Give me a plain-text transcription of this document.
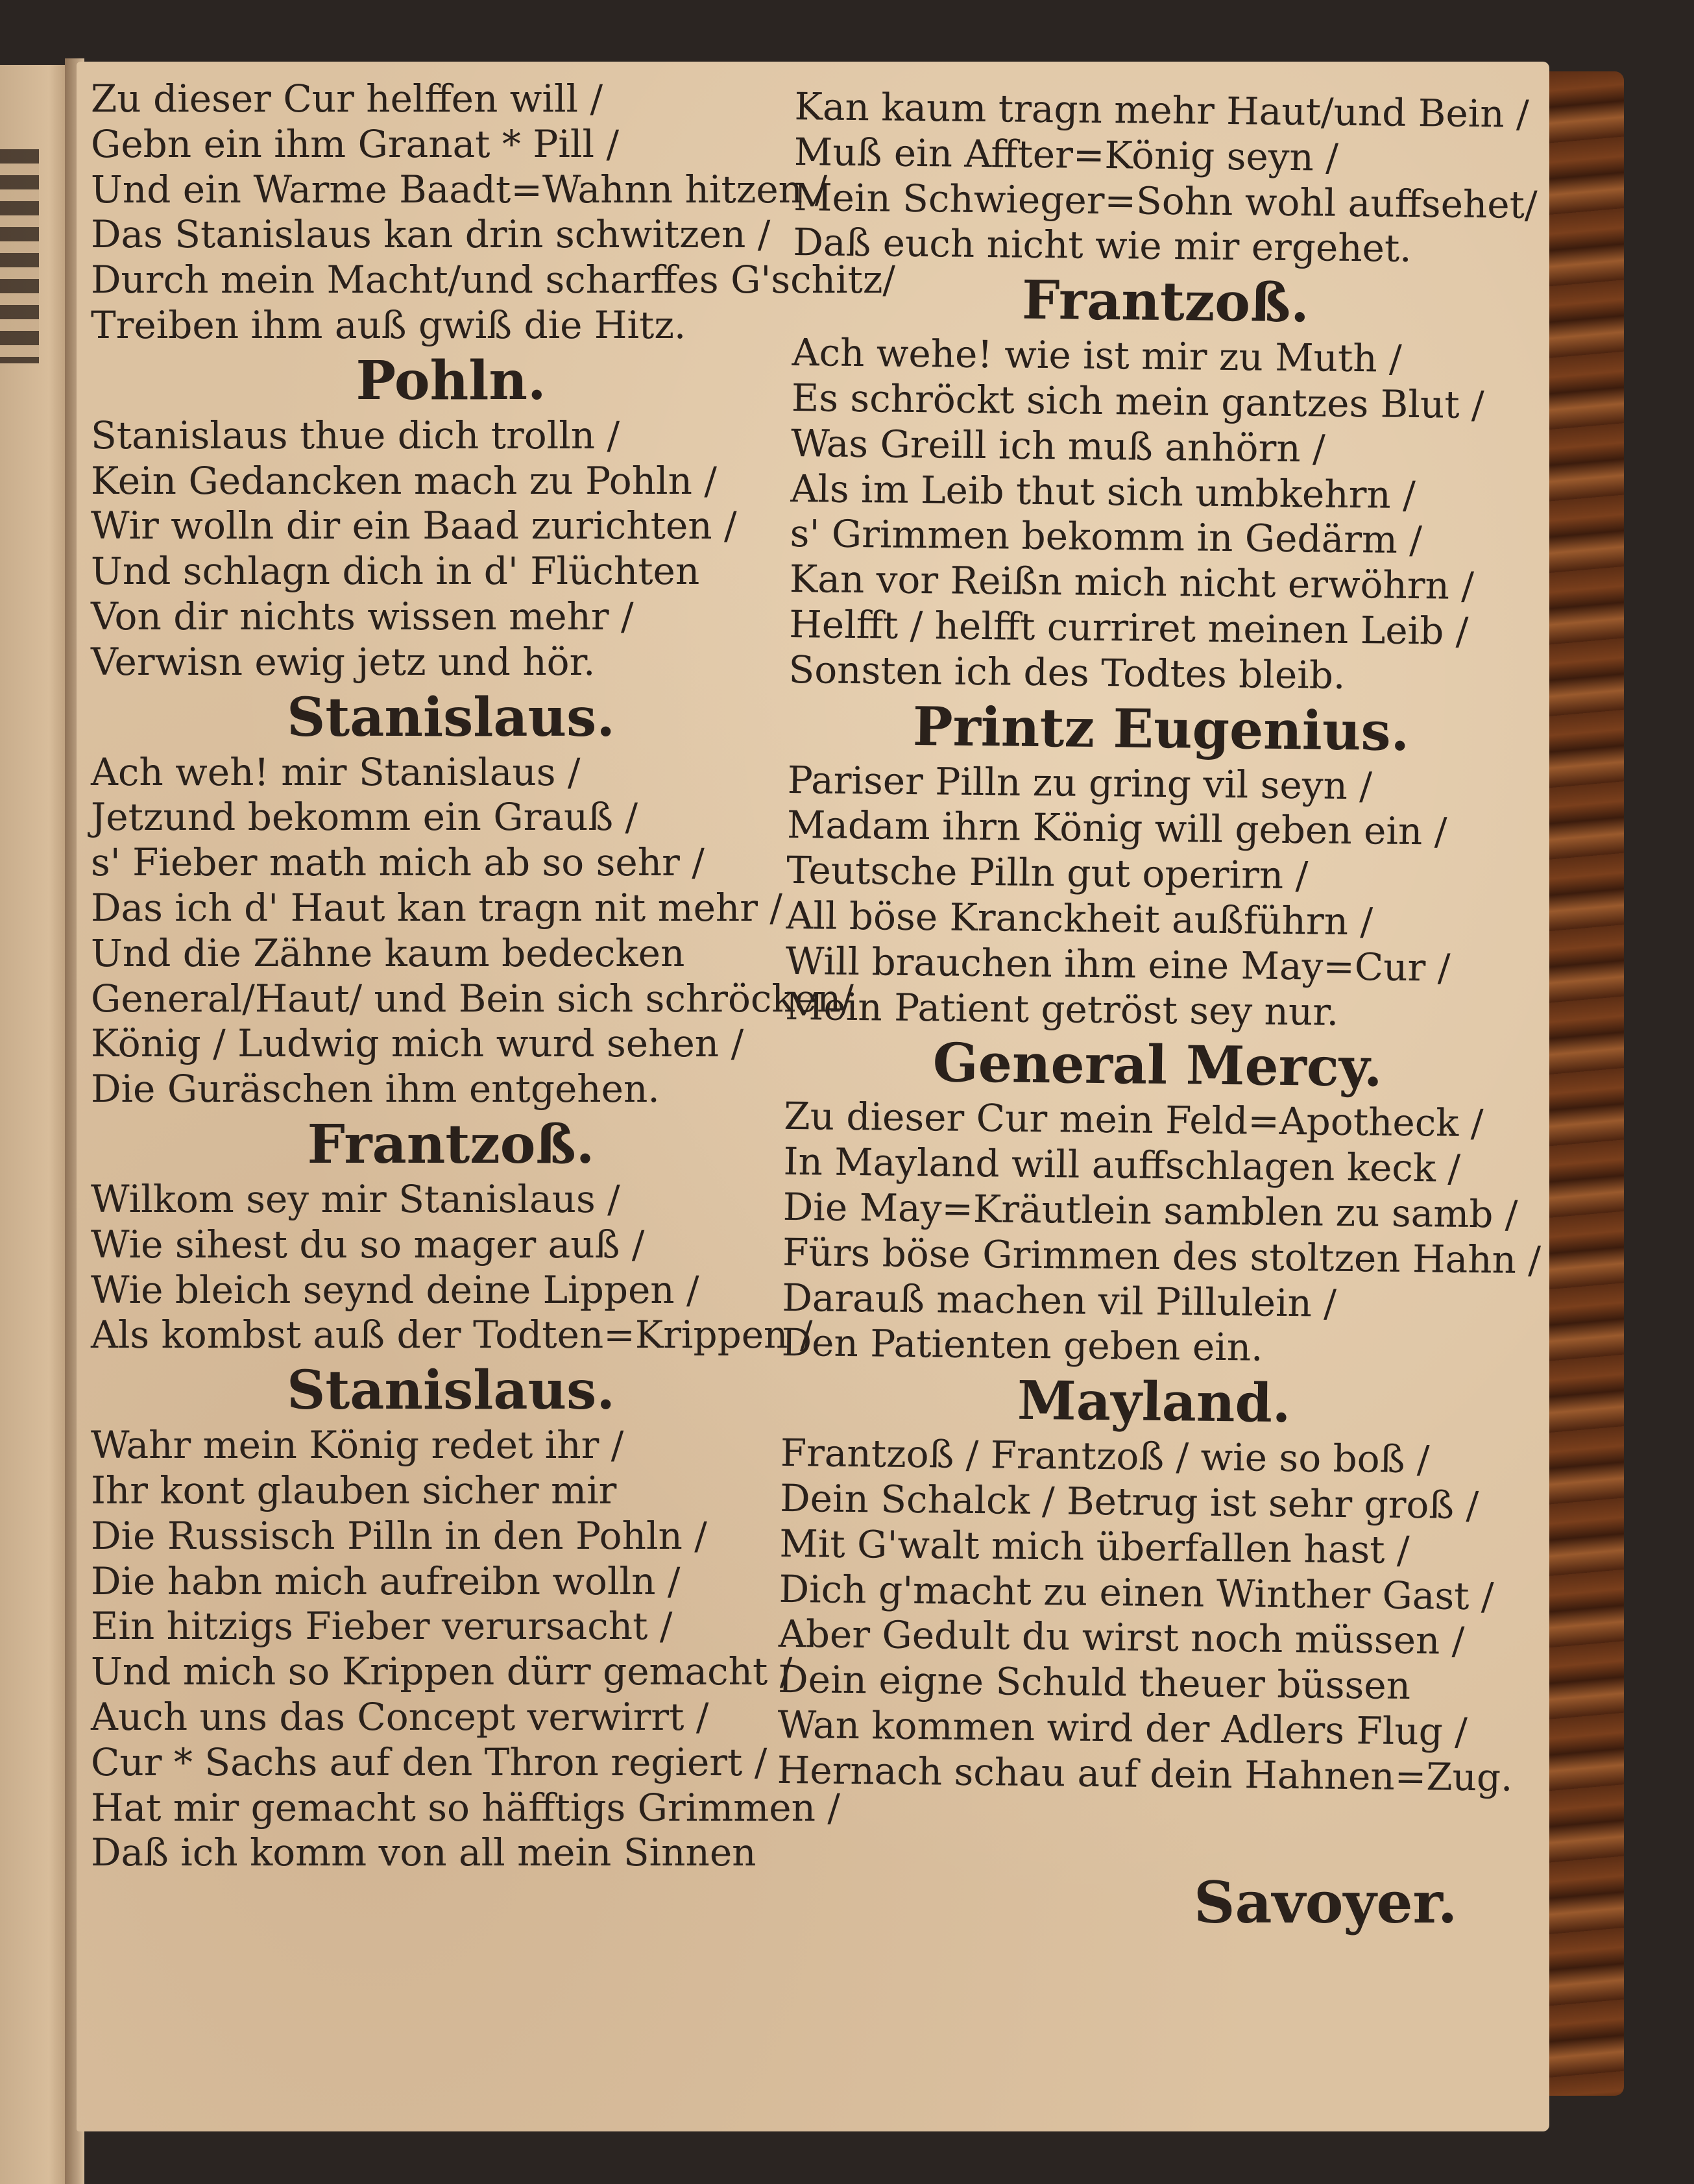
Zu dieser Cur helffen will /
Gebn ein ihm Granat * Pill /
Und ein Warme Baadt=Wahnn hitzen /
Das Stanislaus kan drin schwitzen /
Durch mein Macht/und scharffes G'schitz/
Treiben ihm auß gwiß die Hitz.
Pohln.
Stanislaus thue dich trolln /
Kein Gedancken mach zu Pohln /
Wir wolln dir ein Baad zurichten /
Und schlagn dich in d' Flüchten
Von dir nichts wissen mehr /
Verwisn ewig jetz und hör.
Stanislaus.
Ach weh! mir Stanislaus /
Jetzund bekomm ein Grauß /
s' Fieber math mich ab so sehr /
Das ich d' Haut kan tragn nit mehr /
Und die Zähne kaum bedecken
General/Haut/ und Bein sich schröcken/
König / Ludwig mich wurd sehen /
Die Guräschen ihm entgehen.
Frantzoß.
Wilkom sey mir Stanislaus /
Wie sihest du so mager auß /
Wie bleich seynd deine Lippen /
Als kombst auß der Todten=Krippen /
Stanislaus.
Wahr mein König redet ihr /
Ihr kont glauben sicher mir
Die Russisch Pilln in den Pohln /
Die habn mich aufreibn wolln /
Ein hitzigs Fieber verursacht /
Und mich so Krippen dürr gemacht /
Auch uns das Concept verwirrt /
Cur * Sachs auf den Thron regiert /
Hat mir gemacht so häfftigs Grimmen /
Daß ich komm von all mein Sinnen
Kan kaum tragn mehr Haut/und Bein /
Muß ein Affter=König seyn /
Mein Schwieger=Sohn wohl auffsehet/
Daß euch nicht wie mir ergehet.
Frantzoß.
Ach wehe! wie ist mir zu Muth /
Es schröckt sich mein gantzes Blut /
Was Greill ich muß anhörn /
Als im Leib thut sich umbkehrn /
s' Grimmen bekomm in Gedärm /
Kan vor Reißn mich nicht erwöhrn /
Helfft / helfft curriret meinen Leib /
Sonsten ich des Todtes bleib.
Printz Eugenius.
Pariser Pilln zu gring vil seyn /
Madam ihrn König will geben ein /
Teutsche Pilln gut operirn /
All böse Kranckheit außführn /
Will brauchen ihm eine May=Cur /
Mein Patient getröst sey nur.
General Mercy.
Zu dieser Cur mein Feld=Apotheck /
In Mayland will auffschlagen keck /
Die May=Kräutlein samblen zu samb /
Fürs böse Grimmen des stoltzen Hahn /
Darauß machen vil Pillulein /
Den Patienten geben ein.
Mayland.
Frantzoß / Frantzoß / wie so boß /
Dein Schalck / Betrug ist sehr groß /
Mit G'walt mich überfallen hast /
Dich g'macht zu einen Winther Gast /
Aber Gedult du wirst noch müssen /
Dein eigne Schuld theuer büssen
Wan kommen wird der Adlers Flug /
Hernach schau auf dein Hahnen=Zug.
Savoyer.
